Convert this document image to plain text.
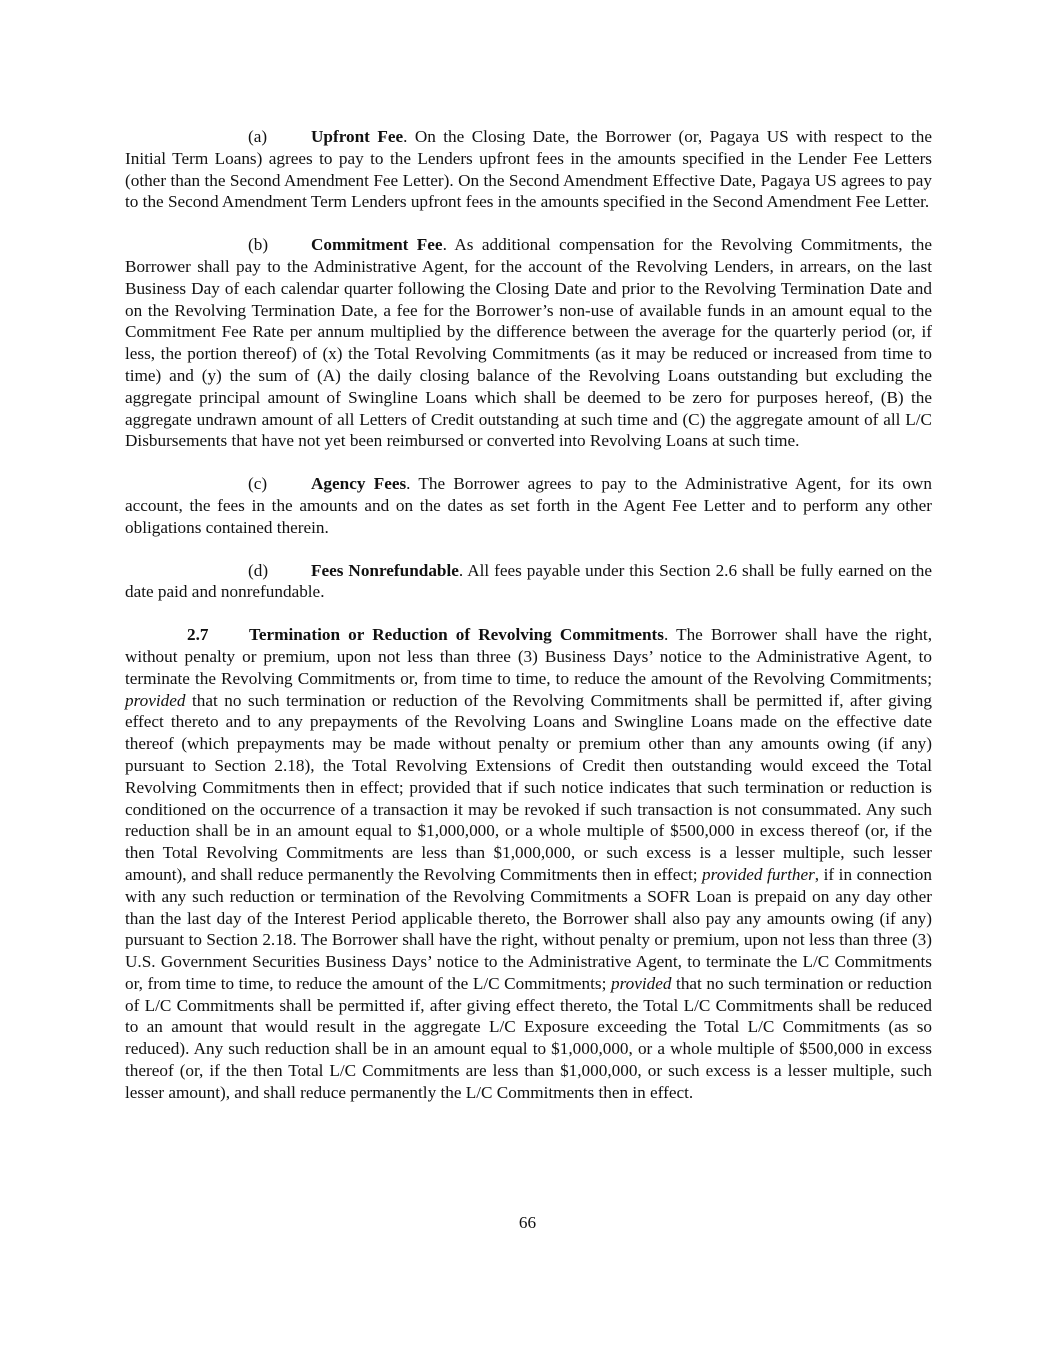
(a)	Upfront Fee. On the Closing Date, the Borrower (or, Pagaya US with respect to the Initial Term Loans) agrees to pay to the Lenders upfront fees in the amounts specified in the Lender Fee Letters (other than the Second Amendment Fee Letter). On the Second Amendment Effective Date, Pagaya US agrees to pay to the Second Amendment Term Lenders upfront fees in the amounts specified in the Second Amendment Fee Letter.

(b) Commitment Fee. As additional compensation for the Revolving Commitments, the Borrower shall pay to the Administrative Agent, for the account of the Revolving Lenders, in arrears, on the last Business Day of each calendar quarter following the Closing Date and prior to the Revolving Termination Date and on the Revolving Termination Date, a fee for the Borrower’s non-use of available funds in an amount equal to the Commitment Fee Rate per annum multiplied by the difference between the average for the quarterly period (or, if less, the portion thereof) of (x) the Total Revolving Commitments (as it may be reduced or increased from time to time) and (y) the sum of (A) the daily closing balance of the Revolving Loans outstanding but excluding the aggregate principal amount of Swingline Loans which shall be deemed to be zero for purposes hereof, (B) the aggregate undrawn amount of all Letters of Credit outstanding at such time and (C) the aggregate amount of all L/C Disbursements that have not yet been reimbursed or converted into Revolving Loans at such time.

(c)	Agency Fees. The Borrower agrees to pay to the Administrative Agent, for its own account, the fees in the amounts and on the dates as set forth in the Agent Fee Letter and to perform any other obligations contained therein.

(d) Fees Nonrefundable. All fees payable under this Section 2.6 shall be fully earned on the date paid and nonrefundable.

2.7 Termination or Reduction of Revolving Commitments. The Borrower shall have the right, without penalty or premium, upon not less than three (3) Business Days’ notice to the Administrative Agent, to terminate the Revolving Commitments or, from time to time, to reduce the amount of the Revolving Commitments; provided that no such termination or reduction of the Revolving Commitments shall be permitted if, after giving effect thereto and to any prepayments of the Revolving Loans and Swingline Loans made on the effective date thereof (which prepayments may be made without penalty or premium other than any amounts owing (if any) pursuant to Section 2.18), the Total Revolving Extensions of Credit then outstanding would exceed the Total Revolving Commitments then in effect; provided that if such notice indicates that such termination or reduction is conditioned on the occurrence of a transaction it may be revoked if such transaction is not consummated. Any such reduction shall be in an amount equal to $1,000,000, or a whole multiple of $500,000 in excess thereof (or, if the then Total Revolving Commitments are less than $1,000,000, or such excess is a lesser multiple, such lesser amount), and shall reduce permanently the Revolving Commitments then in effect; provided further, if in connection with any such reduction or termination of the Revolving Commitments a SOFR Loan is prepaid on any day other than the last day of the Interest Period applicable thereto, the Borrower shall also pay any amounts owing (if any) pursuant to Section 2.18. The Borrower shall have the right, without penalty or premium, upon not less than three (3) U.S. Government Securities Business Days’ notice to the Administrative Agent, to terminate the L/C Commitments or, from time to time, to reduce the amount of the L/C Commitments; provided that no such termination or reduction of L/C Commitments shall be permitted if, after giving effect thereto, the Total L/C Commitments shall be reduced to an amount that would result in the aggregate L/C Exposure exceeding the Total L/C Commitments (as so reduced). Any such reduction shall be in an amount equal to $1,000,000, or a whole multiple of $500,000 in excess thereof (or, if the then Total L/C Commitments are less than $1,000,000, or such excess is a lesser multiple, such lesser amount), and shall reduce permanently the L/C Commitments then in effect.

66
